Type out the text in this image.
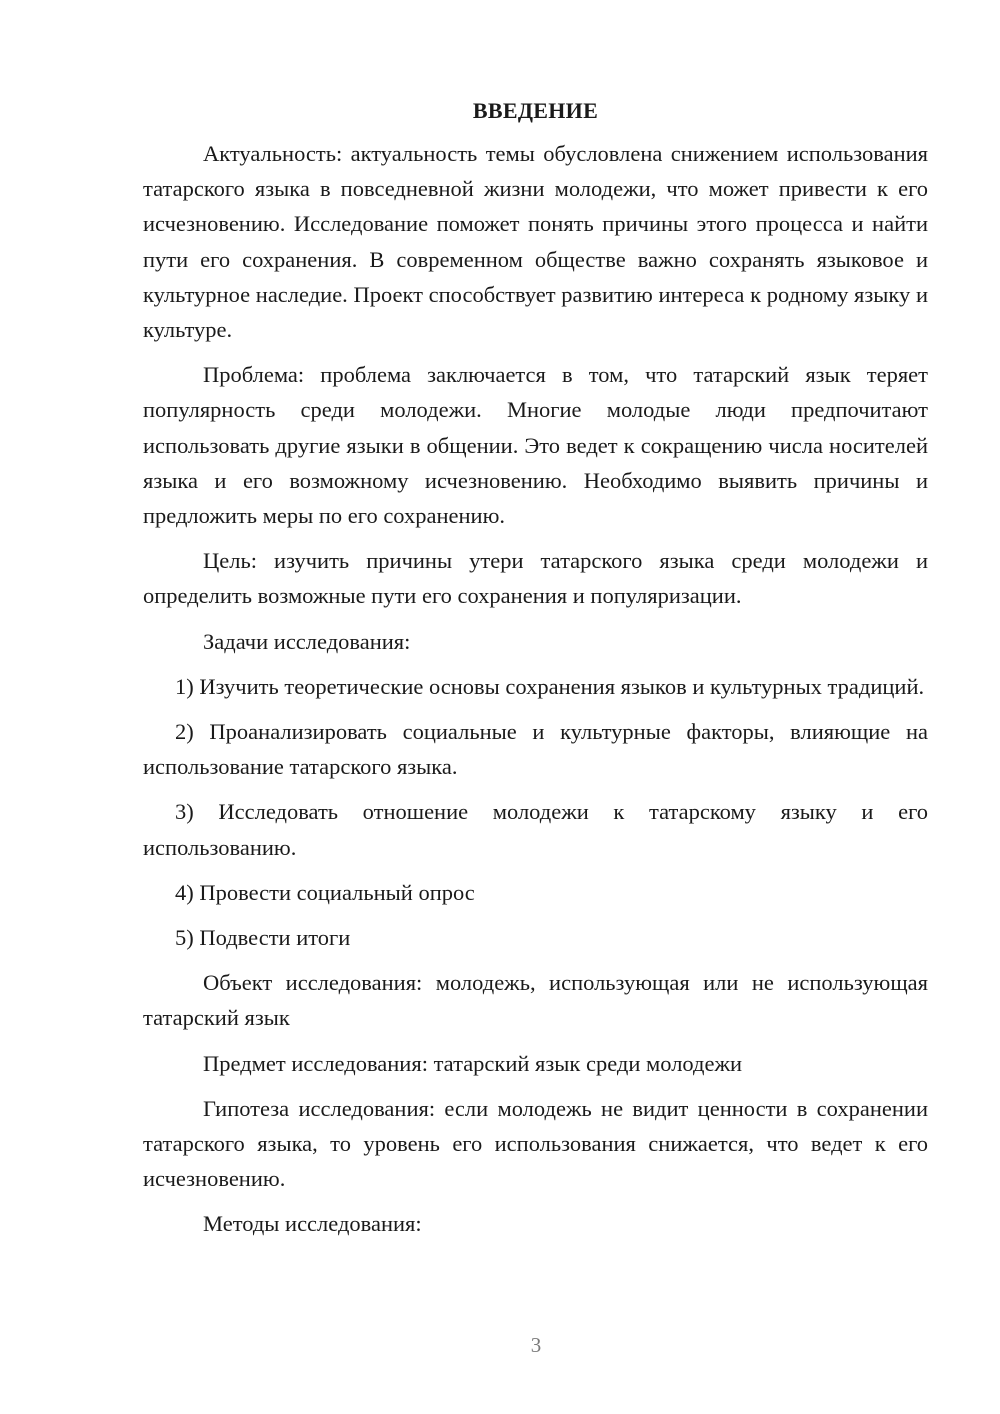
ВВЕДЕНИЕ

Актуальность: актуальность темы обусловлена снижением использования татарского языка в повседневной жизни молодежи, что может привести к его исчезновению. Исследование поможет понять причины этого процесса и найти пути его сохранения. В современном обществе важно сохранять языковое и культурное наследие. Проект способствует развитию интереса к родному языку и культуре.

Проблема: проблема заключается в том, что татарский язык теряет популярность среди молодежи. Многие молодые люди предпочитают использовать другие языки в общении. Это ведет к сокращению числа носителей языка и его возможному исчезновению. Необходимо выявить причины и предложить меры по его сохранению.

Цель: изучить причины утери татарского языка среди молодежи и определить возможные пути его сохранения и популяризации.

Задачи исследования:

1) Изучить теоретические основы сохранения языков и культурных традиций.

2) Проанализировать социальные и культурные факторы, влияющие на использование татарского языка.

3) Исследовать отношение молодежи к татарскому языку и его использованию.

4) Провести социальный опрос

5) Подвести итоги

Объект исследования: молодежь, использующая или не использующая татарский язык

Предмет исследования: татарский язык среди молодежи

Гипотеза исследования: если молодежь не видит ценности в сохранении татарского языка, то уровень его использования снижается, что ведет к его исчезновению.

Методы исследования:

3
